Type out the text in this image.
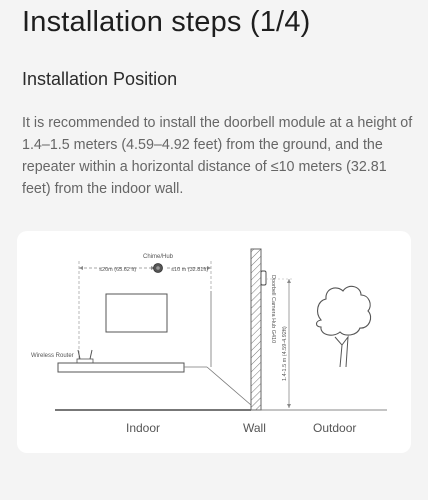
Installation steps (1/4)
Installation Position
It is recommended to install the doorbell module at a height of 1.4–1.5 meters (4.59–4.92 feet) from the ground, and the repeater within a horizontal distance of ≤10 meters (32.81 feet) from the indoor wall.
≤20m (65.62 ft)	≤10 m (32.81ft)
Chime/Hub
Wireless Router
Doorbell Camera Hub G410
1.4-1.5 m (4.59-4.92ft)
Indoor	Wall	Outdoor
